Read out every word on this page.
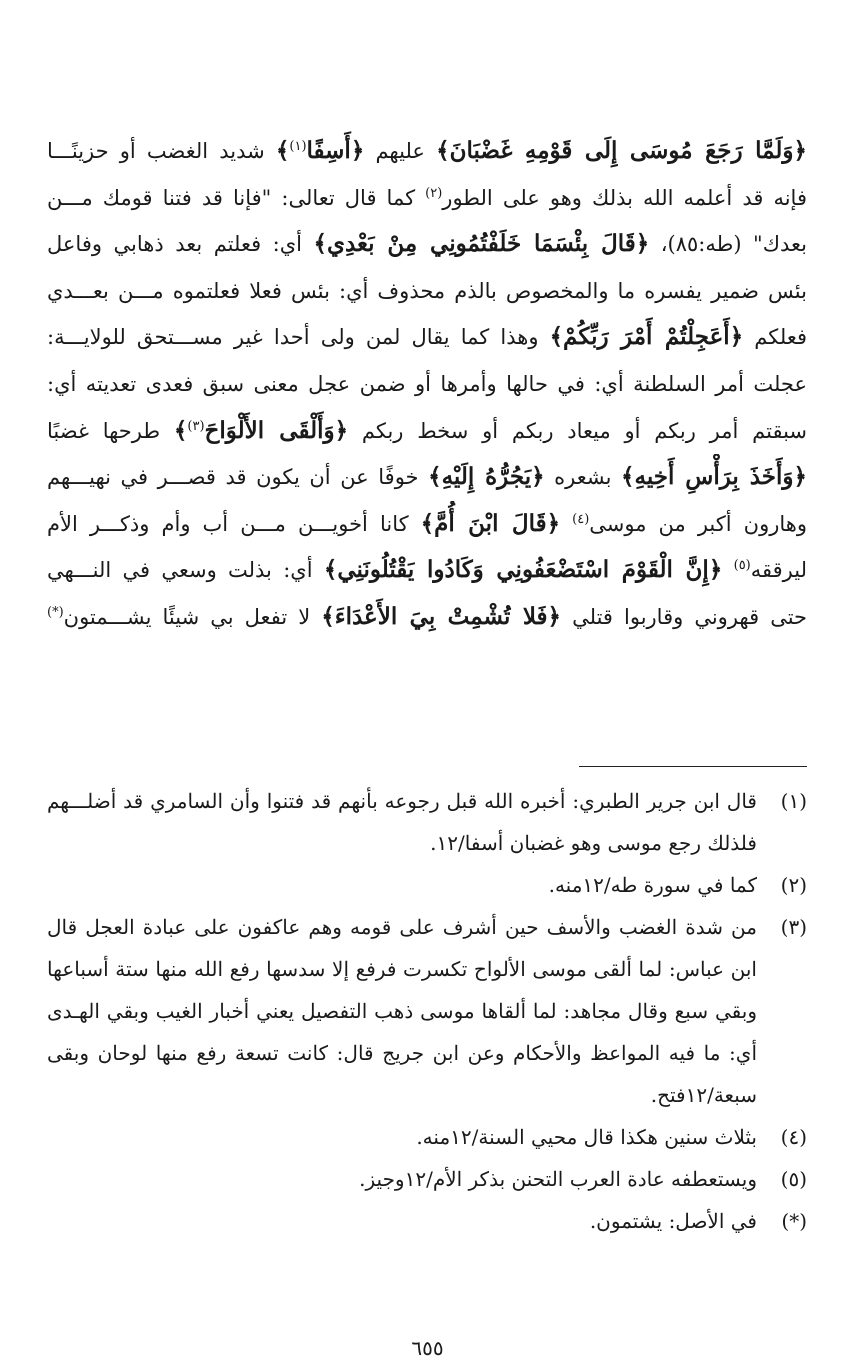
﴿وَلَمَّا رَجَعَ مُوسَى إِلَى قَوْمِهِ غَضْبَانَ﴾ عليهم ﴿أَسِفًا$^{(١)}$﴾ شديد الغضب أو حزينًـــا

فإنه قد أعلمه الله بذلك وهو على الطور$^{(٢)}$ كما قال تعالى: "فإنا قد فتنا قومك مـــن

بعدك" (طه:٨٥)، ﴿قَالَ بِئْسَمَا خَلَفْتُمُونِي مِنْ بَعْدِي﴾ أي: فعلتم بعد ذهابي وفاعل

بئس ضمير يفسره ما والمخصوص بالذم محذوف أي: بئس فعلا فعلتموه مـــن بعـــدي

فعلكم ﴿أَعَجِلْتُمْ أَمْرَ رَبِّكُمْ﴾ وهذا كما يقال لمن ولى أحدا غير مســـتحق للولايـــة:

عجلت أمر السلطنة أي: في حالها وأمرها أو ضمن عجل معنى سبق فعدى تعديته أي:

سبقتم أمر ربكم أو ميعاد ربكم أو سخط ربكم ﴿وَأَلْقَى الأَلْوَاحَ$^{(٣)}$﴾ طرحها غضبًا

﴿وَأَخَذَ بِرَأْسِ أَخِيهِ﴾ بشعره ﴿يَجُرُّهُ إِلَيْهِ﴾ خوفًا عن أن يكون قد قصـــر في نهيـــهم

وهارون أكبر من موسى$^{(٤)}$ ﴿قَالَ ابْنَ أُمَّ﴾ كانا أخويـــن مـــن أب وأم وذكـــر الأم

ليرققه$^{(٥)}$ ﴿إِنَّ الْقَوْمَ اسْتَضْعَفُونِي وَكَادُوا يَقْتُلُونَنِي﴾ أي: بذلت وسعي في النـــهي

حتى قهروني وقاربوا قتلي ﴿فَلا تُشْمِتْ بِيَ الأَعْدَاءَ﴾ لا تفعل بي شيئًا يشـــمتون(*)

(١)
قال ابن جرير الطبري: أخبره الله قبل رجوعه بأنهم قد فتنوا وأن السامري قد أضلـــهم
فلذلك رجع موسى وهو غضبان أسفا/١٢.
(٢)
كما في سورة طه/١٢منه.
(٣)
من شدة الغضب والأسف حين أشرف على قومه وهم عاكفون على عبادة العجل قال
ابن عباس: لما ألقى موسى الألواح تكسرت فرفع إلا سدسها رفع الله منها ستة أسباعها
وبقي سبع وقال مجاهد: لما ألقاها موسى ذهب التفصيل يعني أخبار الغيب وبقي الهـدى
أي: ما فيه المواعظ والأحكام وعن ابن جريج قال: كانت تسعة رفع منها لوحان وبقى
سبعة/١٢فتح.
(٤)
بثلاث سنين هكذا قال محيي السنة/١٢منه.
(٥)
ويستعطفه عادة العرب التحنن بذكر الأم/١٢وجيز.
(*)
في الأصل: يشتمون.
٦٥٥
